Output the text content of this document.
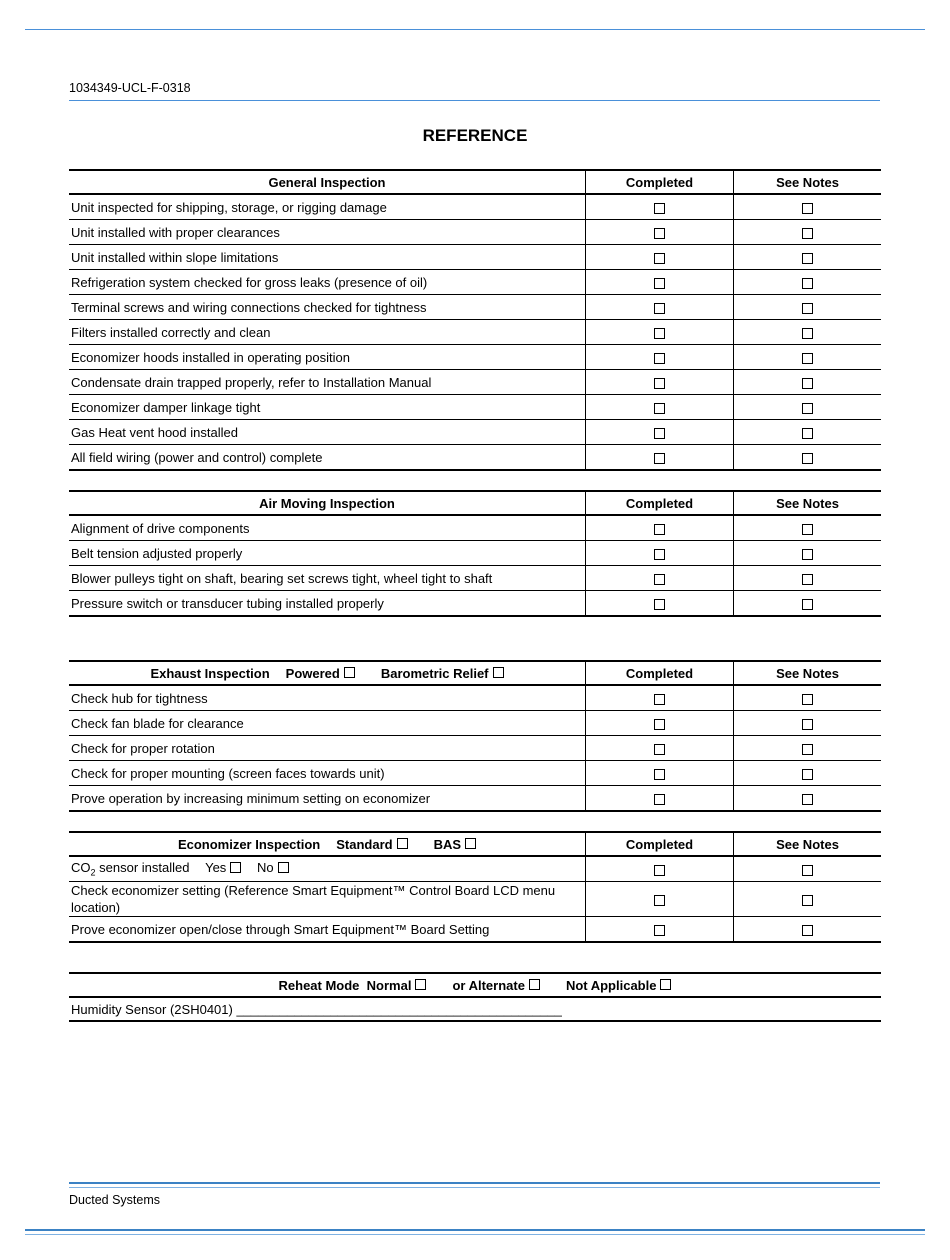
1034349-UCL-F-0318
REFERENCE
General Inspection	Completed	See Notes
Unit inspected for shipping, storage, or rigging damage		
Unit installed with proper clearances		
Unit installed within slope limitations		
Refrigeration system checked for gross leaks (presence of oil)		
Terminal screws and wiring connections checked for tightness		
Filters installed correctly and clean		
Economizer hoods installed in operating position		
Condensate drain trapped properly, refer to Installation Manual		
Economizer damper linkage tight		
Gas Heat vent hood installed		
All field wiring (power and control) complete		
Air Moving Inspection	Completed	See Notes
Alignment of drive components		
Belt tension adjusted properly		
Blower pulleys tight on shaft, bearing set screws tight, wheel tight to shaft		
Pressure switch or transducer tubing installed properly		
Exhaust Inspection Powered Barometric Relief	Completed	See Notes
Check hub for tightness		
Check fan blade for clearance		
Check for proper rotation		
Check for proper mounting (screen faces towards unit)		
Prove operation by increasing minimum setting on economizer		
Economizer Inspection Standard BAS	Completed	See Notes
$CO_2$ sensor installed Yes No		
Check economizer setting (Reference Smart Equipment™ Control Board LCD menu location)		
Prove economizer open/close through Smart Equipment™ Board Setting		
Reheat Mode Normal	or Alternate	Not Applicable
Humidity Sensor (2SH0401) _____________________________________________
Ducted Systems
